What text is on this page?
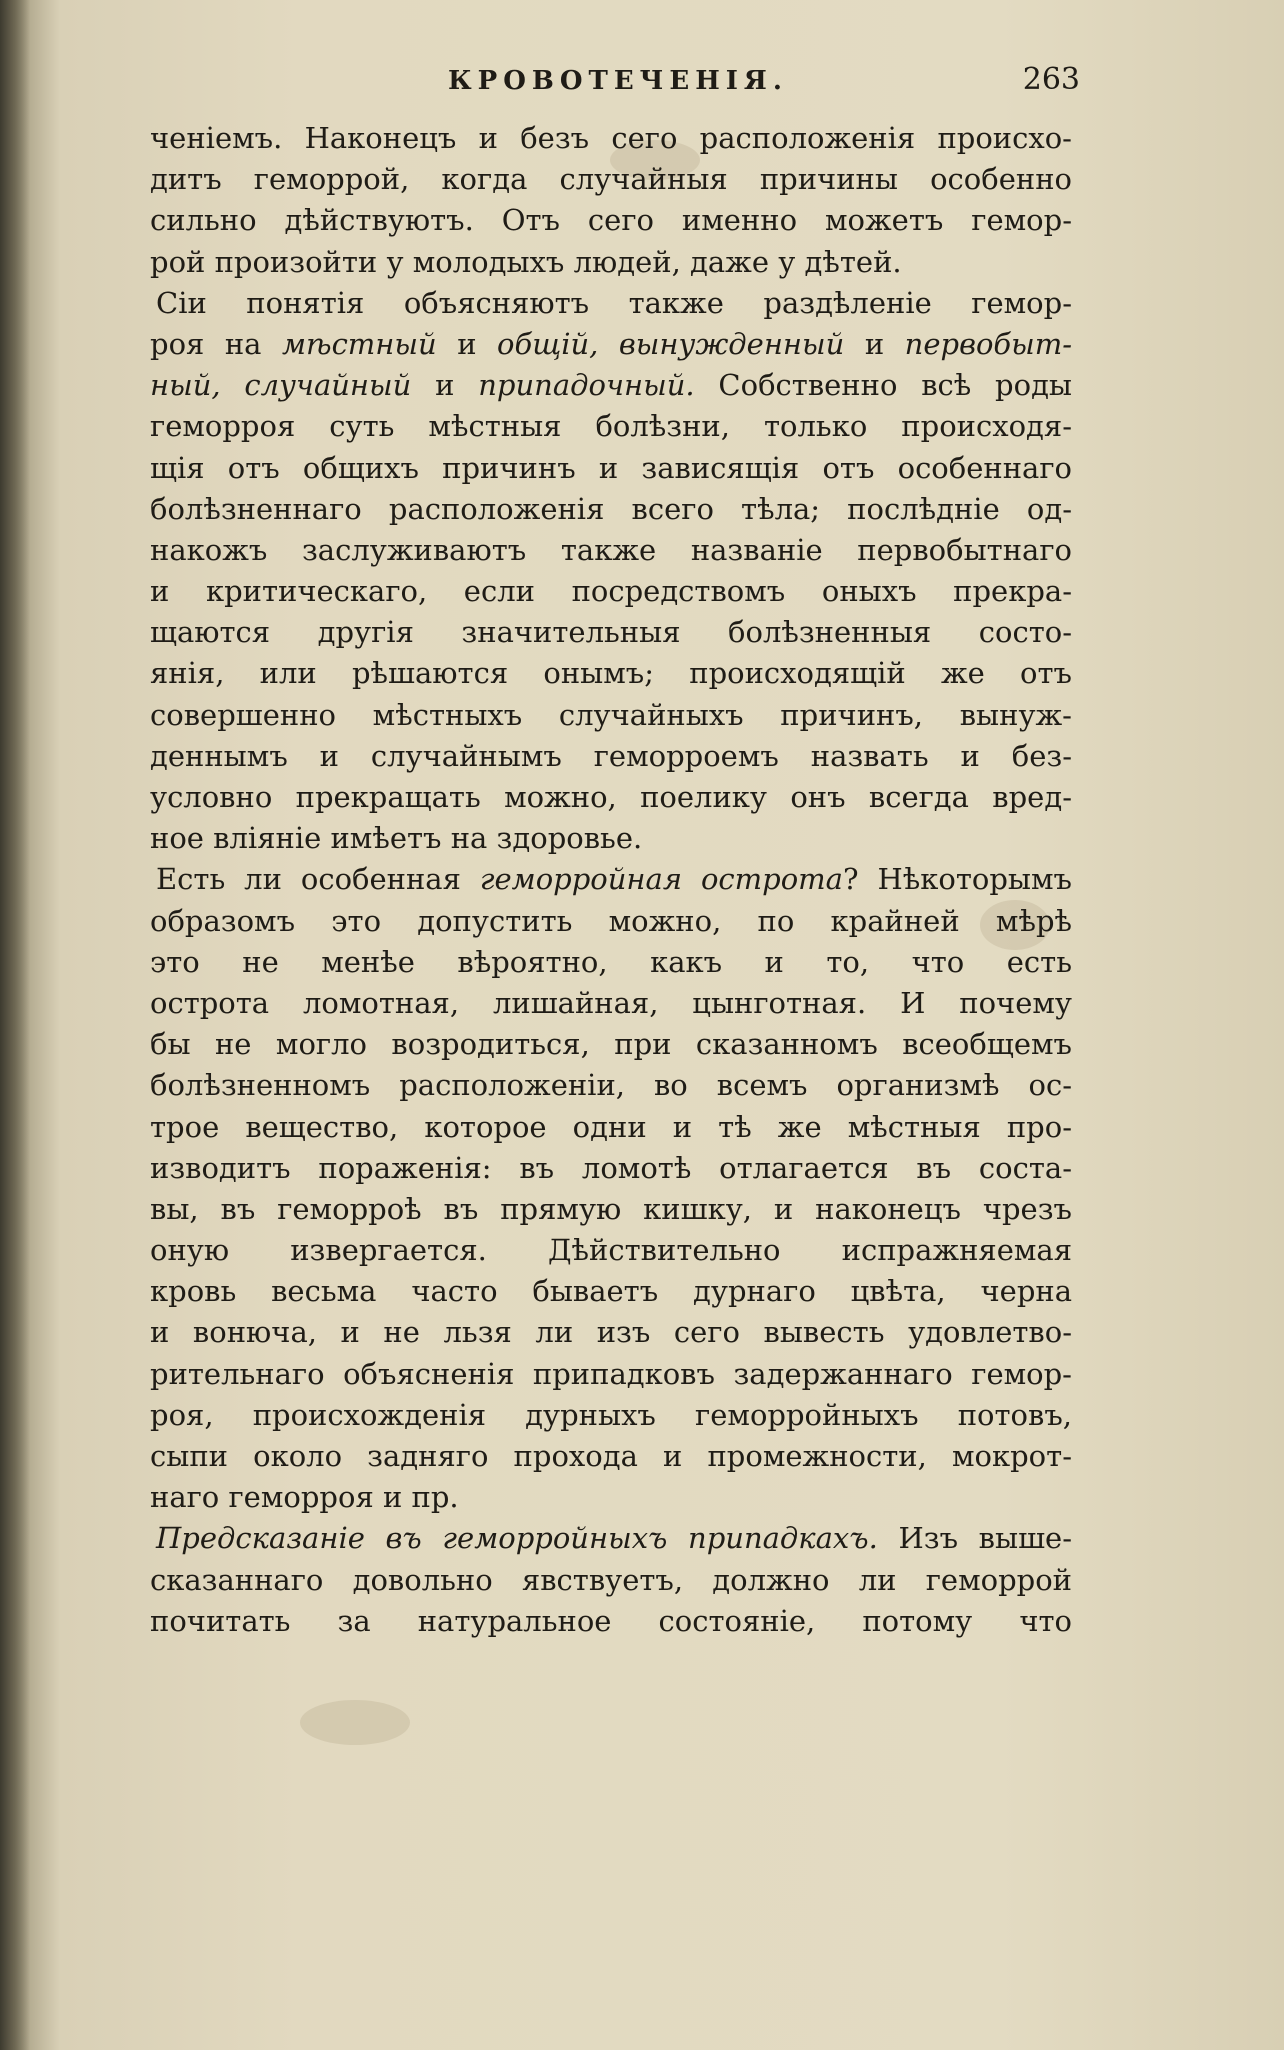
КРОВОТЕЧЕНIЯ.	263
ченiемъ. Наконецъ и безъ сего расположенiя происхо-
дитъ геморрой, когда случайныя причины особенно
сильно дѣйствуютъ. Отъ сего именно можетъ гемор-
рой произойти у молодыхъ людей, даже у дѣтей.
Сiи понятiя объясняютъ также раздѣленiе гемор-
роя на мѣстный и общiй, вынужденный и первобыт-
ный, случайный и припадочный. Собственно всѣ роды
геморроя суть мѣстныя болѣзни, только происходя-
щiя отъ общихъ причинъ и зависящiя отъ особеннаго
болѣзненнаго расположенiя всего тѣла; послѣднiе од-
накожъ заслуживаютъ также названiе первобытнаго
и критическаго, если посредствомъ оныхъ прекра-
щаются другiя значительныя болѣзненныя состо-
янiя, или рѣшаются онымъ; происходящiй же отъ
совершенно мѣстныхъ случайныхъ причинъ, вынуж-
деннымъ и случайнымъ геморроемъ назвать и без-
условно прекращать можно, поелику онъ всегда вред-
ное влiянiе имѣетъ на здоровье.
Есть ли особенная геморройная острота? Нѣкоторымъ
образомъ это допустить можно, по крайней мѣрѣ
это не менѣе вѣроятно, какъ и то, что есть
острота ломотная, лишайная, цынготная. И почему
бы не могло возродиться, при сказанномъ всеобщемъ
болѣзненномъ расположенiи, во всемъ организмѣ ос-
трое вещество, которое одни и тѣ же мѣстныя про-
изводитъ пораженiя: въ ломотѣ отлагается въ соста-
вы, въ геморроѣ въ прямую кишку, и наконецъ чрезъ
оную извергается. Дѣйствительно испражняемая
кровь весьма часто бываетъ дурнаго цвѣта, черна
и вонюча, и не льзя ли изъ сего вывесть удовлетво-
рительнаго объясненiя припадковъ задержаннаго гемор-
роя, происхожденiя дурныхъ геморройныхъ потовъ,
сыпи около задняго прохода и промежности, мокрот-
наго геморроя и пр.
Предсказанiе въ геморройныхъ припадкахъ. Изъ выше-
сказаннаго довольно явствуетъ, должно ли геморрой
почитать за натуральное состоянiе, потому что
